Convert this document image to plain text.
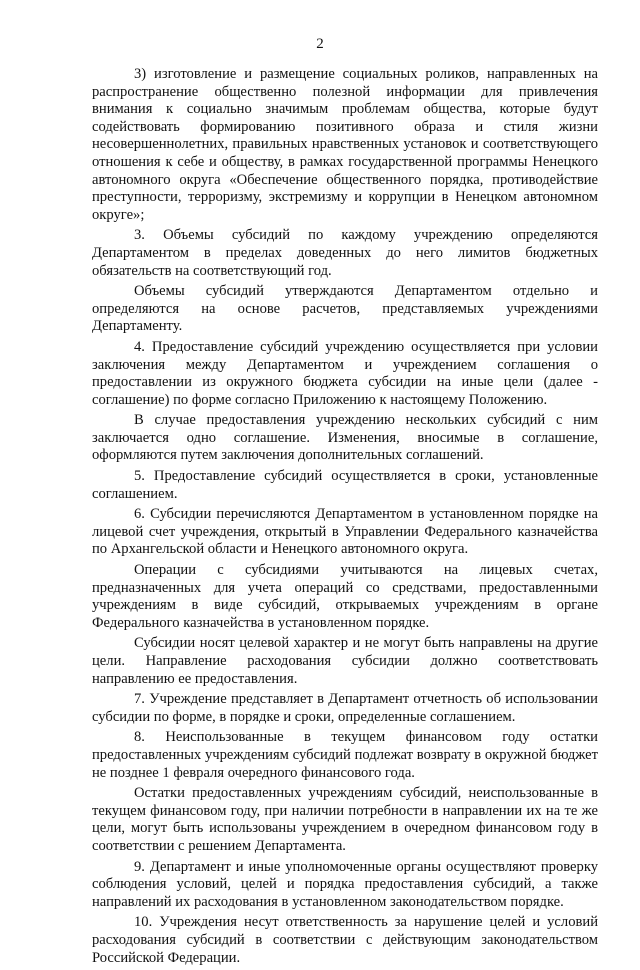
2

3) изготовление и размещение социальных роликов, направленных на распространение общественно полезной информации для привлечения внимания к социально значимым проблемам общества, которые будут содействовать формированию позитивного образа и стиля жизни несовершеннолетних, правильных нравственных установок и соответствующего отношения к себе и обществу, в рамках государственной программы Ненецкого автономного округа «Обеспечение общественного порядка, противодействие преступности, терроризму, экстремизму и коррупции в Ненецком автономном округе»;

3. Объемы субсидий по каждому учреждению определяются Департаментом в пределах доведенных до него лимитов бюджетных обязательств на соответствующий год.

Объемы субсидий утверждаются Департаментом отдельно и определяются на основе расчетов, представляемых учреждениями Департаменту.

4. Предоставление субсидий учреждению осуществляется при условии заключения между Департаментом и учреждением соглашения о предоставлении из окружного бюджета субсидии на иные цели (далее - соглашение) по форме согласно Приложению к настоящему Положению.

В случае предоставления учреждению нескольких субсидий с ним заключается одно соглашение. Изменения, вносимые в соглашение, оформляются путем заключения дополнительных соглашений.

5. Предоставление субсидий осуществляется в сроки, установленные соглашением.

6. Субсидии перечисляются Департаментом в установленном порядке на лицевой счет учреждения, открытый в Управлении Федерального казначейства по Архангельской области и Ненецкого автономного округа.

Операции с субсидиями учитываются на лицевых счетах, предназначенных для учета операций со средствами, предоставленными учреждениям в виде субсидий, открываемых учреждениям в органе Федерального казначейства в установленном порядке.

Субсидии носят целевой характер и не могут быть направлены на другие цели. Направление расходования субсидии должно соответствовать направлению ее предоставления.

7. Учреждение представляет в Департамент отчетность об использовании субсидии по форме, в порядке и сроки, определенные соглашением.

8. Неиспользованные в текущем финансовом году остатки предоставленных учреждениям субсидий подлежат возврату в окружной бюджет не позднее 1 февраля очередного финансового года.

Остатки предоставленных учреждениям субсидий, неиспользованные в текущем финансовом году, при наличии потребности в направлении их на те же цели, могут быть использованы учреждением в очередном финансовом году в соответствии с решением Департамента.

9. Департамент и иные уполномоченные органы осуществляют проверку соблюдения условий, целей и порядка предоставления субсидий, а также направлений их расходования в установленном законодательством порядке.

10. Учреждения несут ответственность за нарушение целей и условий расходования субсидий в соответствии с действующим законодательством Российской Федерации.
